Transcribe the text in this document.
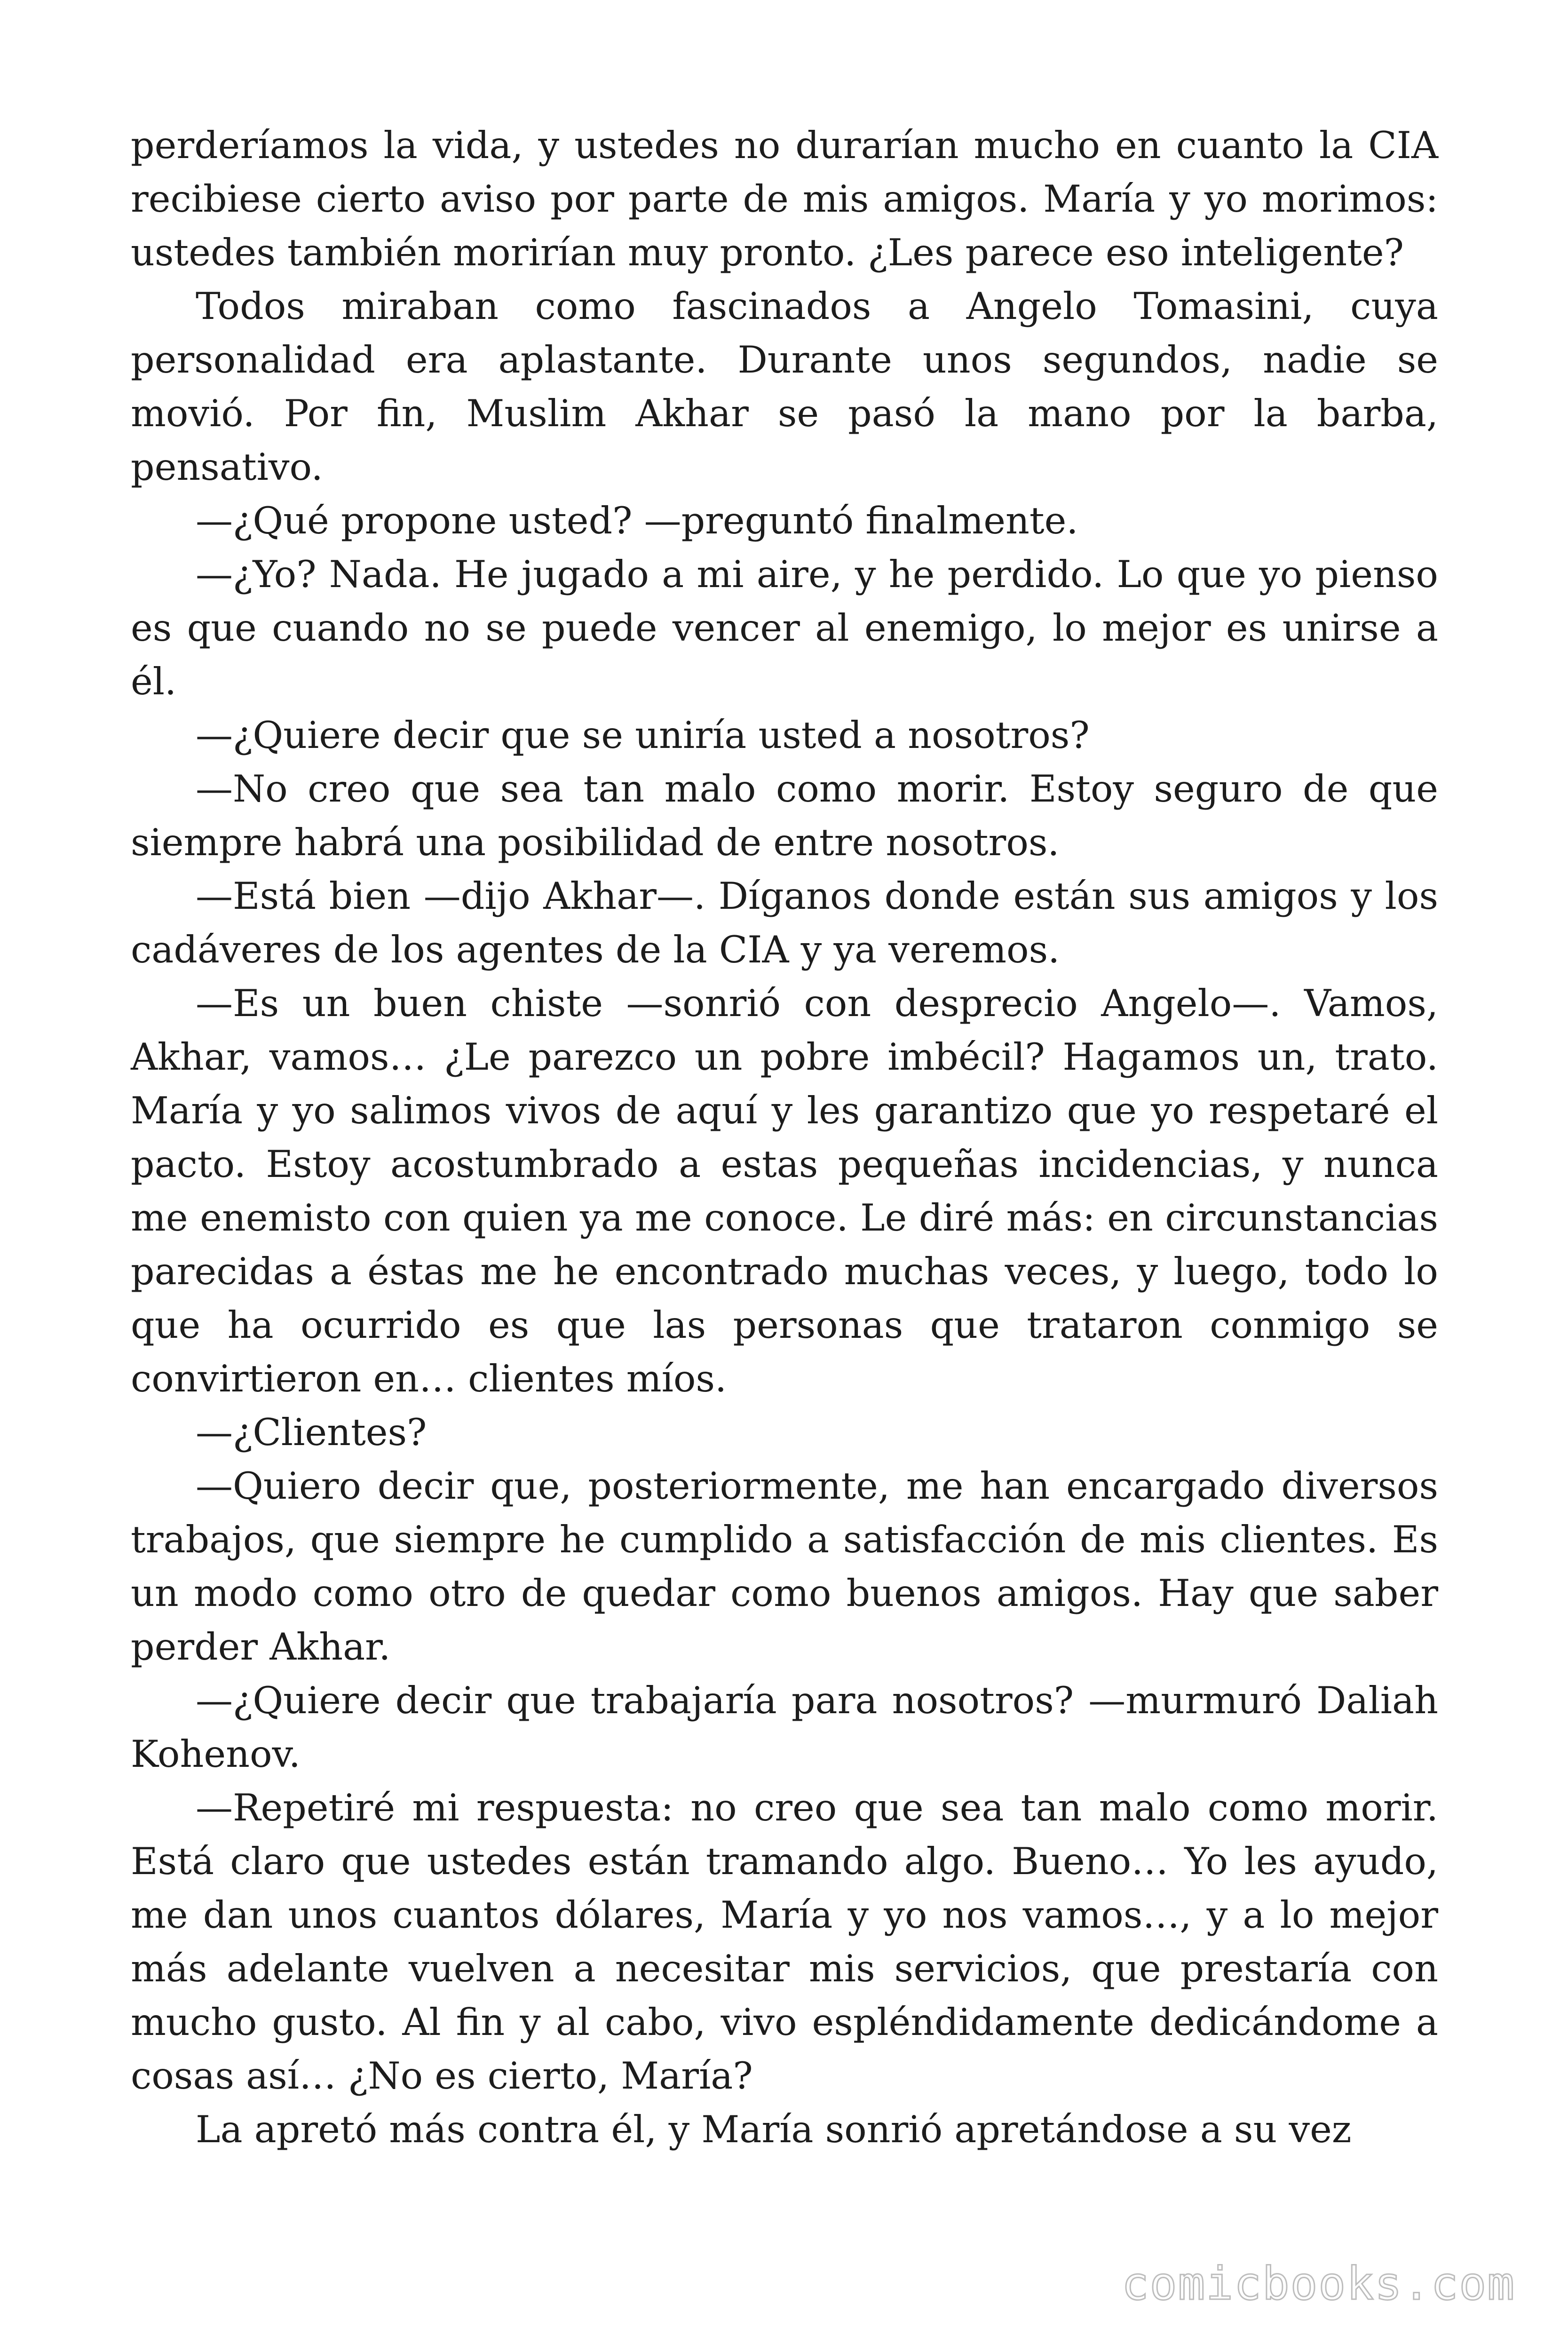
perderíamos la vida, y ustedes no durarían mucho en cuanto la CIA recibiese cierto aviso por parte de mis amigos. María y yo morimos: ustedes también morirían muy pronto. ¿Les parece eso inteligente?

Todos miraban como fascinados a Angelo Tomasini, cuya personalidad era aplastante. Durante unos segundos, nadie se movió. Por fin, Muslim Akhar se pasó la mano por la barba, pensativo.

—¿Qué propone usted? —preguntó finalmente.

—¿Yo? Nada. He jugado a mi aire, y he perdido. Lo que yo pienso es que cuando no se puede vencer al enemigo, lo mejor es unirse a él.

—¿Quiere decir que se uniría usted a nosotros?

—No creo que sea tan malo como morir. Estoy seguro de que siempre habrá una posibilidad de entre nosotros.

—Está bien —dijo Akhar—. Díganos donde están sus amigos y los cadáveres de los agentes de la CIA y ya veremos.

—Es un buen chiste —sonrió con desprecio Angelo—. Vamos, Akhar, vamos… ¿Le parezco un pobre imbécil? Hagamos un, trato. María y yo salimos vivos de aquí y les garantizo que yo respetaré el pacto. Estoy acostumbrado a estas pequeñas incidencias, y nunca me enemisto con quien ya me conoce. Le diré más: en circunstancias parecidas a éstas me he encontrado muchas veces, y luego, todo lo que ha ocurrido es que las personas que trataron conmigo se convirtieron en… clientes míos.

—¿Clientes?

—Quiero decir que, posteriormente, me han encargado diversos trabajos, que siempre he cumplido a satisfacción de mis clientes. Es un modo como otro de quedar como buenos amigos. Hay que saber perder Akhar.

—¿Quiere decir que trabajaría para nosotros? —murmuró Daliah Kohenov.

—Repetiré mi respuesta: no creo que sea tan malo como morir. Está claro que ustedes están tramando algo. Bueno… Yo les ayudo, me dan unos cuantos dólares, María y yo nos vamos…, y a lo mejor más adelante vuelven a necesitar mis servicios, que prestaría con mucho gusto. Al fin y al cabo, vivo espléndidamente dedicándome a cosas así… ¿No es cierto, María?

La apretó más contra él, y María sonrió apretándose a su vez

comicbooks.com
